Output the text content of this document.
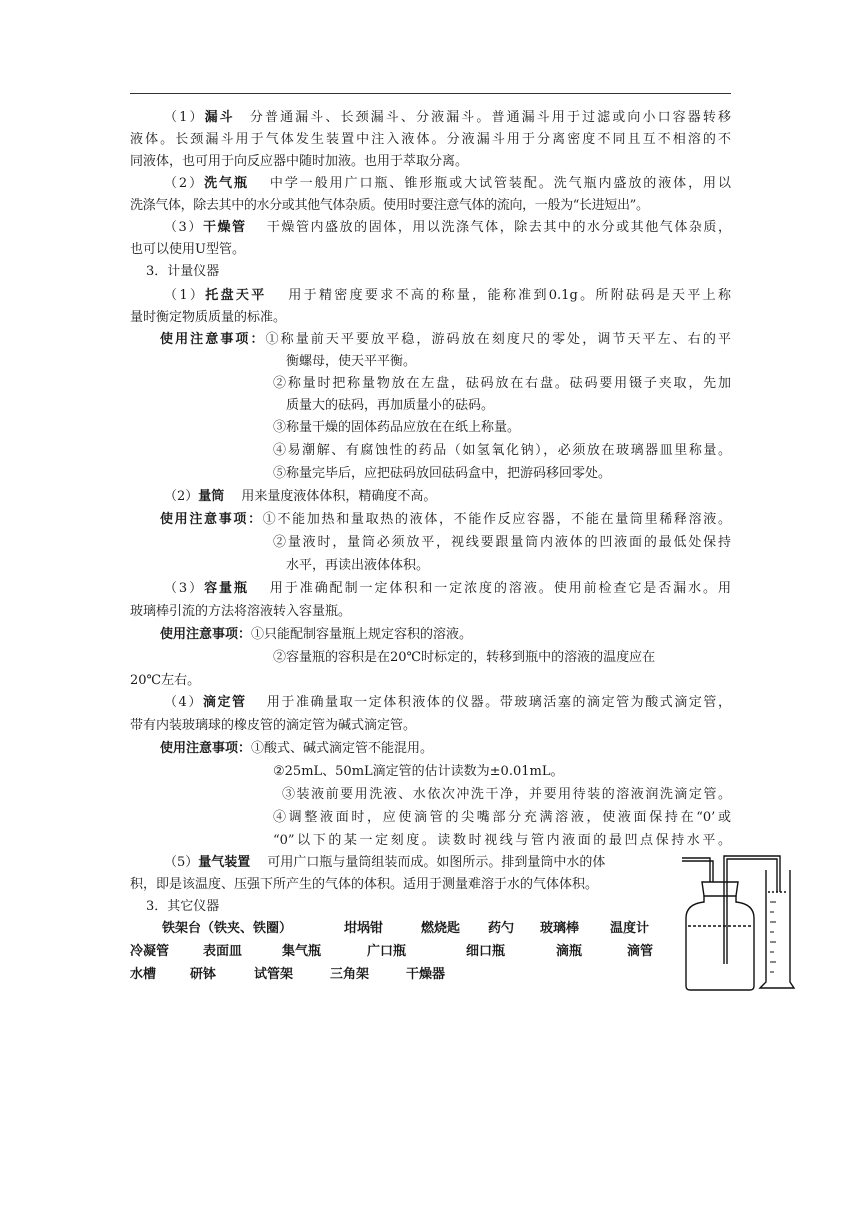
（1）漏斗　分普通漏斗、长颈漏斗、分液漏斗。普通漏斗用于过滤或向小口容器转移
液体。长颈漏斗用于气体发生装置中注入液体。分液漏斗用于分离密度不同且互不相溶的不
同液体，也可用于向反应器中随时加液。也用于萃取分离。
（2）洗气瓶　 中学一般用广口瓶、锥形瓶或大试管装配。洗气瓶内盛放的液体，用以
洗涤气体，除去其中的水分或其他气体杂质。使用时要注意气体的流向，一般为“长进短出”。
（3）干燥管　 干燥管内盛放的固体，用以洗涤气体，除去其中的水分或其他气体杂质，
也可以使用U型管。
3．计量仪器
（1）托盘天平　 用于精密度要求不高的称量，能称准到0.1g。所附砝码是天平上称
量时衡定物质质量的标准。
使用注意事项：①称量前天平要放平稳，游码放在刻度尺的零处，调节天平左、右的平
衡螺母，使天平平衡。
②称量时把称量物放在左盘，砝码放在右盘。砝码要用镊子夹取，先加
质量大的砝码，再加质量小的砝码。
③称量干燥的固体药品应放在在纸上称量。
④易潮解、有腐蚀性的药品（如氢氧化钠），必须放在玻璃器皿里称量。
⑤称量完毕后，应把砝码放回砝码盒中，把游码移回零处。
（2）量筒　 用来量度液体体积，精确度不高。
使用注意事项：①不能加热和量取热的液体，不能作反应容器，不能在量筒里稀释溶液。
②量液时，量筒必须放平，视线要跟量筒内液体的凹液面的最低处保持
水平，再读出液体体积。
（3）容量瓶　 用于准确配制一定体积和一定浓度的溶液。使用前检查它是否漏水。用
玻璃棒引流的方法将溶液转入容量瓶。
使用注意事项：①只能配制容量瓶上规定容积的溶液。
②容量瓶的容积是在20℃时标定的，转移到瓶中的溶液的温度应在
20℃左右。
（4）滴定管　 用于准确量取一定体积液体的仪器。带玻璃活塞的滴定管为酸式滴定管，
带有内装玻璃球的橡皮管的滴定管为碱式滴定管。
使用注意事项：①酸式、碱式滴定管不能混用。
②25mL、50mL滴定管的估计读数为±0.01mL。
③装液前要用洗液、水依次冲洗干净，并要用待装的溶液润洗滴定管。
④调整液面时，应使滴管的尖嘴部分充满溶液，使液面保持在“0’或
“0”以下的某一定刻度。读数时视线与管内液面的最凹点保持水平。
（5）量气装置　 可用广口瓶与量筒组装而成。如图所示。排到量筒中水的体
积，即是该温度、压强下所产生的气体的体积。适用于测量难溶于水的气体体积。
3．其它仪器
铁架台（铁夹、铁圈）	坩埚钳	燃烧匙 药勺 玻璃棒 温度计
冷凝管	表面皿	集气瓶	广口瓶	细口瓶	滴瓶	滴管
水槽	研钵	试管架	三角架	干燥器
